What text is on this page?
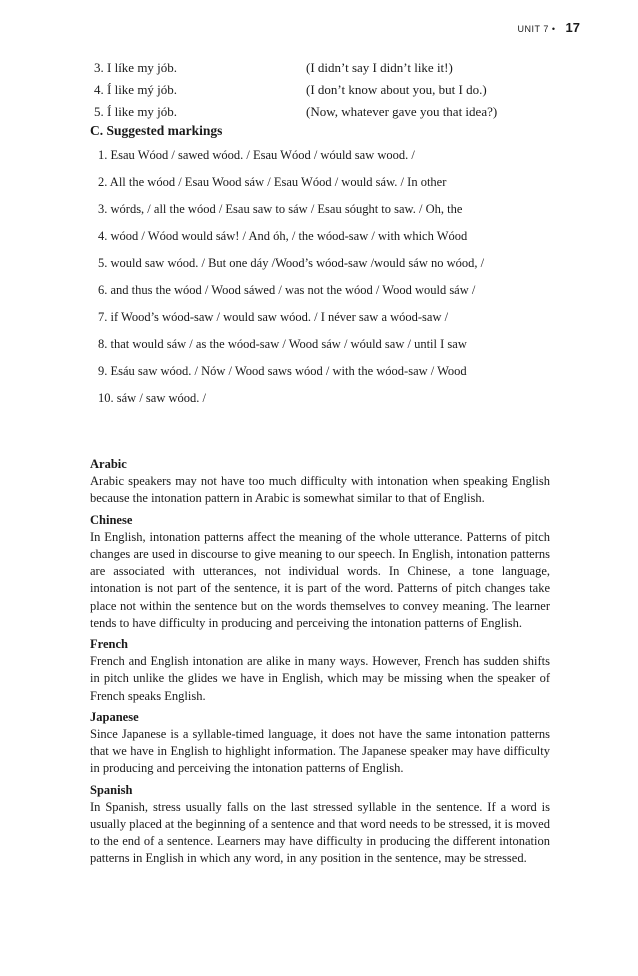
UNIT 7 • 17
3. I líke my jób.	(I didn’t say I didn’t like it!)
4. Í like mý jób.	(I don’t know about you, but I do.)
5. Í like my jób.	(Now, whatever gave you that idea?)
C. Suggested markings
1. Esau Wóod / sawed wóod. / Esau Wóod / wóuld saw wood. /
2. All the wóod / Esau Wood sáw / Esau Wóod / would sáw. / In other
3. wórds, / all the wóod / Esau saw to sáw / Esau sóught to saw. / Oh, the
4. wóod / Wóod would sáw! / And óh, / the wóod-saw / with which Wóod
5. would saw wóod. / But one dáy /Wood’s wóod-saw /would sáw no wóod, /
6. and thus the wóod / Wood sáwed / was not the wóod / Wood would sáw /
7. if Wood’s wóod-saw / would saw wóod. / I néver saw a wóod-saw /
8. that would sáw / as the wóod-saw / Wood sáw / wóuld saw / until I saw
9. Esáu saw wóod. / Nów / Wood saws wóod / with the wóod-saw / Wood
10. sáw / saw wóod. /
Arabic
Arabic speakers may not have too much difficulty with intonation when speaking English because the intonation pattern in Arabic is somewhat similar to that of English.
Chinese
In English, intonation patterns affect the meaning of the whole utterance. Patterns of pitch changes are used in discourse to give meaning to our speech. In English, intonation patterns are associated with utterances, not individual words. In Chinese, a tone language, intonation is not part of the sentence, it is part of the word. Patterns of pitch changes take place not within the sentence but on the words themselves to convey meaning. The learner tends to have difficulty in producing and perceiving the intonation patterns of English.
French
French and English intonation are alike in many ways. However, French has sudden shifts in pitch unlike the glides we have in English, which may be missing when the speaker of French speaks English.
Japanese
Since Japanese is a syllable-timed language, it does not have the same intonation patterns that we have in English to highlight information. The Japanese speaker may have difficulty in producing and perceiving the intonation patterns of English.
Spanish
In Spanish, stress usually falls on the last stressed syllable in the sentence. If a word is usually placed at the beginning of a sentence and that word needs to be stressed, it is moved to the end of a sentence. Learners may have difficulty in producing the different intonation patterns in English in which any word, in any position in the sentence, may be stressed.
